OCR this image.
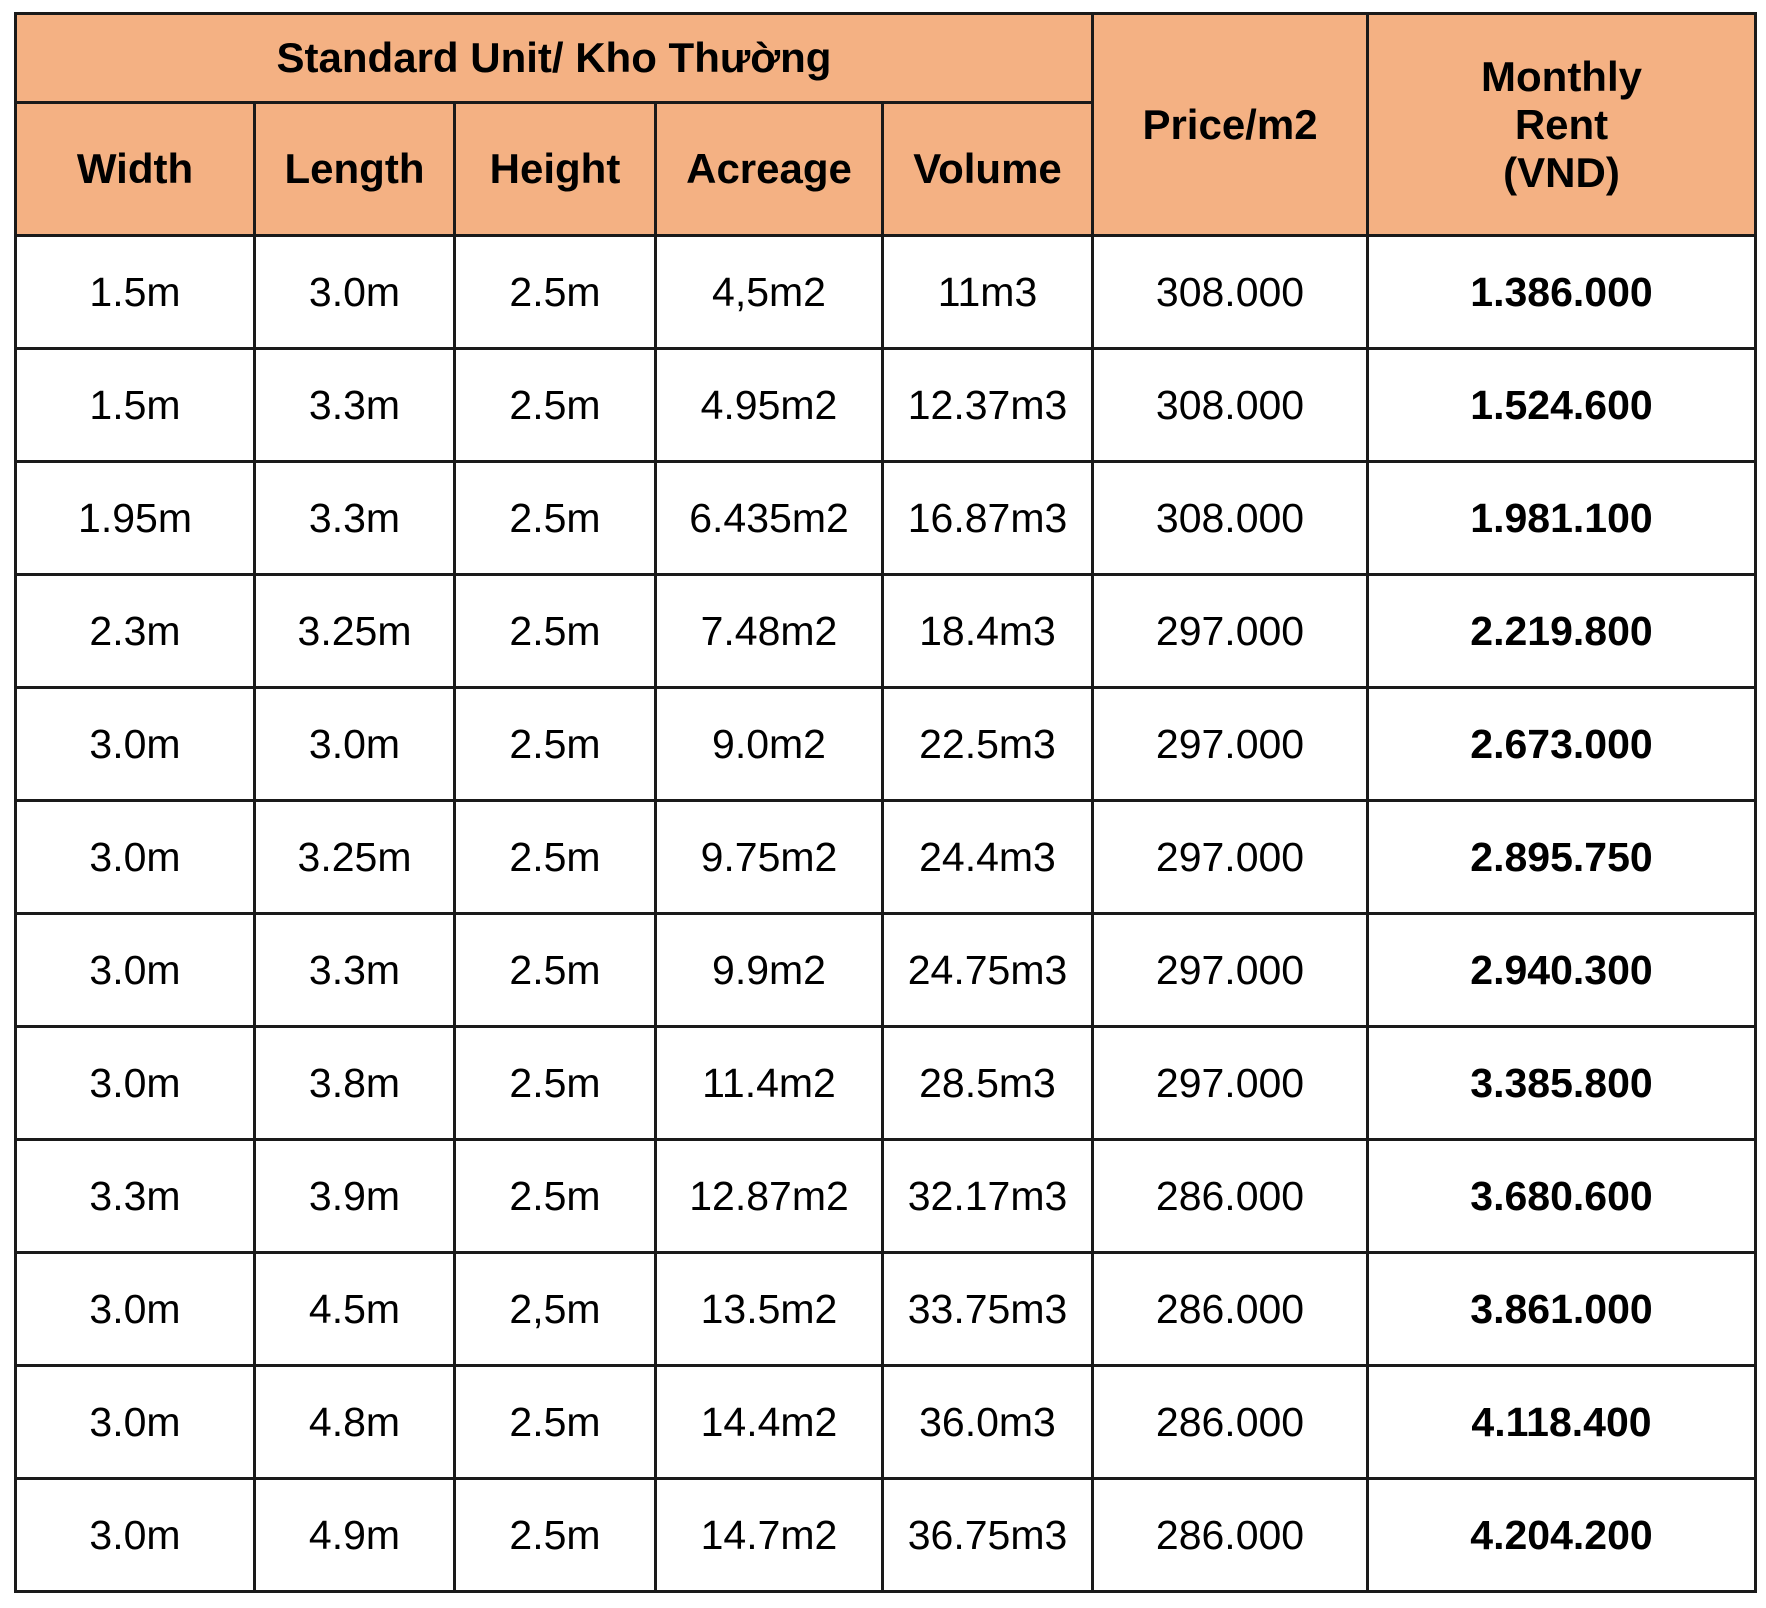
Standard Unit/ Kho Thường					Price/m2	Monthly
Rent
(VND)

Width	Length	Height	Acreage	Volume		
1.5m	3.0m	2.5m	4,5m2	11m3	308.000	1.386.000
1.5m	3.3m	2.5m	4.95m2	12.37m3	308.000	1.524.600
1.95m	3.3m	2.5m	6.435m2	16.87m3	308.000	1.981.100
2.3m	3.25m	2.5m	7.48m2	18.4m3	297.000	2.219.800
3.0m	3.0m	2.5m	9.0m2	22.5m3	297.000	2.673.000
3.0m	3.25m	2.5m	9.75m2	24.4m3	297.000	2.895.750
3.0m	3.3m	2.5m	9.9m2	24.75m3	297.000	2.940.300
3.0m	3.8m	2.5m	11.4m2	28.5m3	297.000	3.385.800
3.3m	3.9m	2.5m	12.87m2	32.17m3	286.000	3.680.600
3.0m	4.5m	2,5m	13.5m2	33.75m3	286.000	3.861.000
3.0m	4.8m	2.5m	14.4m2	36.0m3	286.000	4.118.400
3.0m	4.9m	2.5m	14.7m2	36.75m3	286.000	4.204.200
